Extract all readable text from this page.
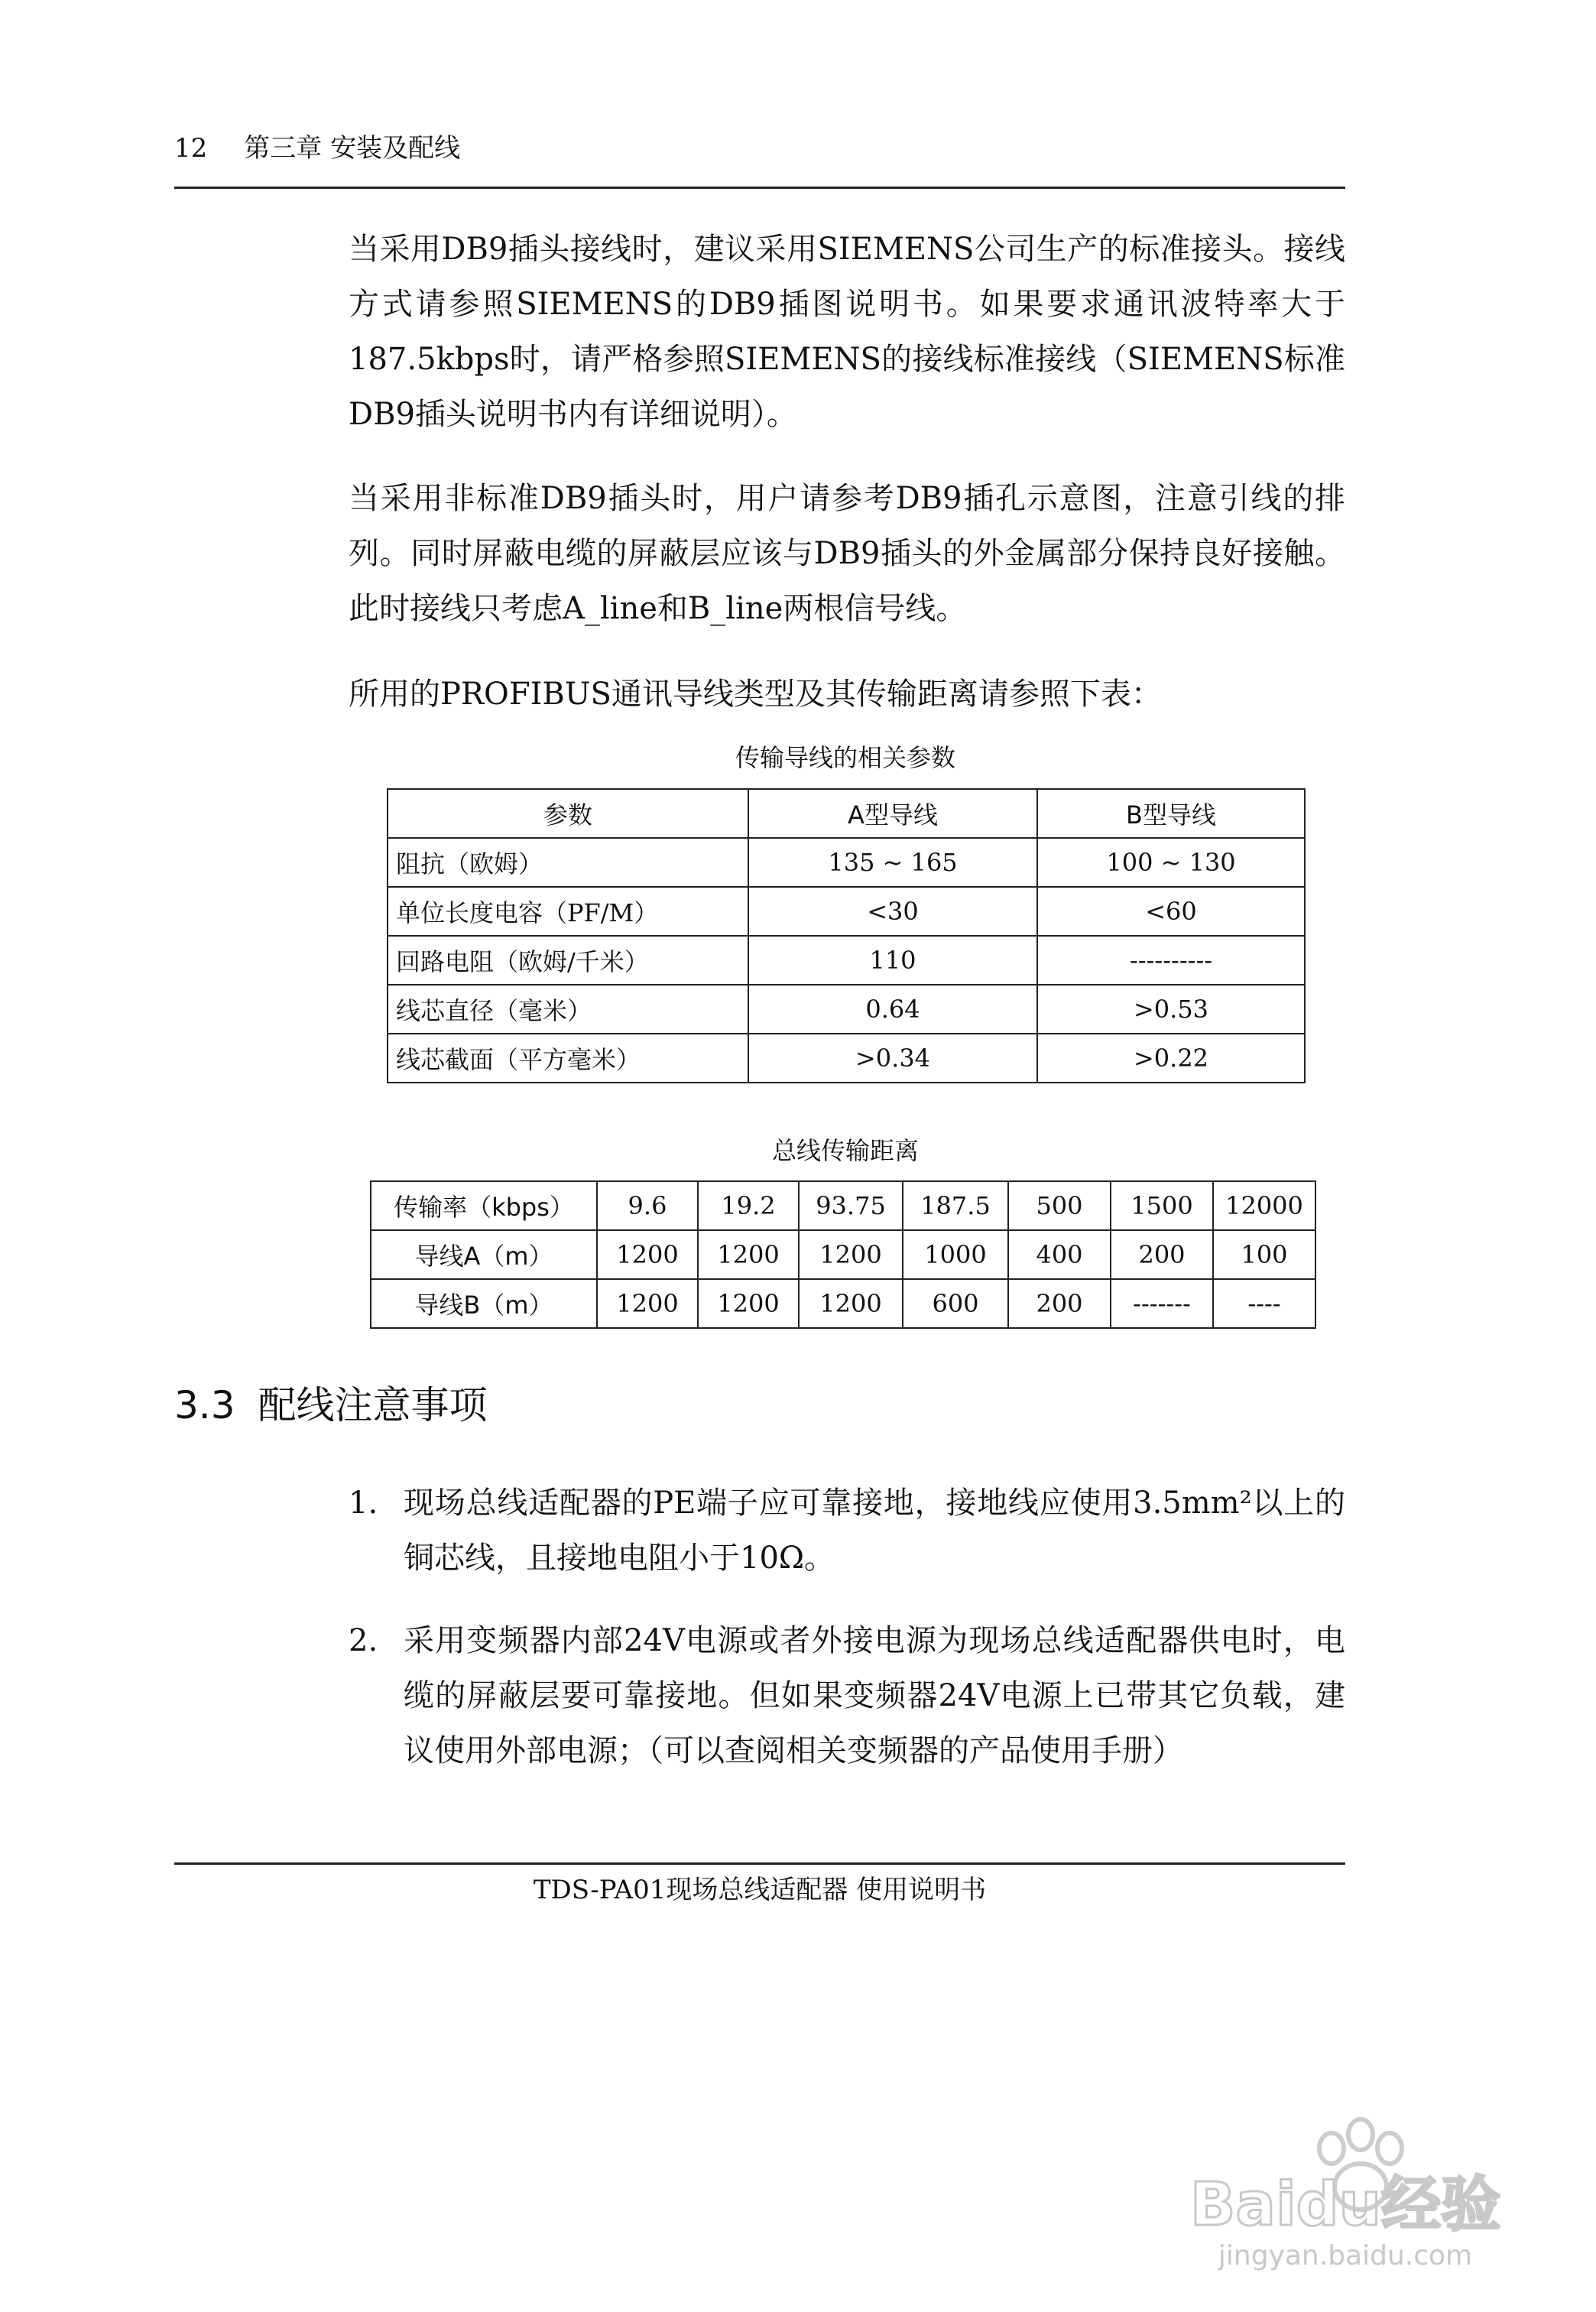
12 第三章 安装及配线
当采用DB9插头接线时，建议采用SIEMENS公司生产的标准接头。接线方式请参照SIEMENS的DB9插图说明书。如果要求通讯波特率大于187.5kbps时，请严格参照SIEMENS的接线标准接线（SIEMENS标准DB9插头说明书内有详细说明）。
当采用非标准DB9插头时，用户请参考DB9插孔示意图，注意引线的排列。同时屏蔽电缆的屏蔽层应该与DB9插头的外金属部分保持良好接触。此时接线只考虑A_line和B_line两根信号线。
所用的PROFIBUS通讯导线类型及其传输距离请参照下表：
传输导线的相关参数
参数	A型导线	B型导线
阻抗（欧姆）	135 ~ 165	100 ~ 130
单位长度电容（PF/M）	<30	<60
回路电阻（欧姆/千米）	110	----------
线芯直径（毫米）	0.64	>0.53
线芯截面（平方毫米）	>0.34	>0.22
总线传输距离
传输率（kbps）	9.6	19.2	93.75	187.5	500	1500	12000
导线A（m）	1200	1200	1200	1000	400	200	100
导线B（m）	1200	1200	1200	600	200	-------	----
3.3 配线注意事项
1. 现场总线适配器的PE端子应可靠接地，接地线应使用3.5mm²以上的铜芯线，且接地电阻小于10Ω。
2. 采用变频器内部24V电源或者外接电源为现场总线适配器供电时，电缆的屏蔽层要可靠接地。但如果变频器24V电源上已带其它负载，建议使用外部电源；（可以查阅相关变频器的产品使用手册）
TDS-PA01现场总线适配器 使用说明书
Baidu经验
jingyan.baidu.com
